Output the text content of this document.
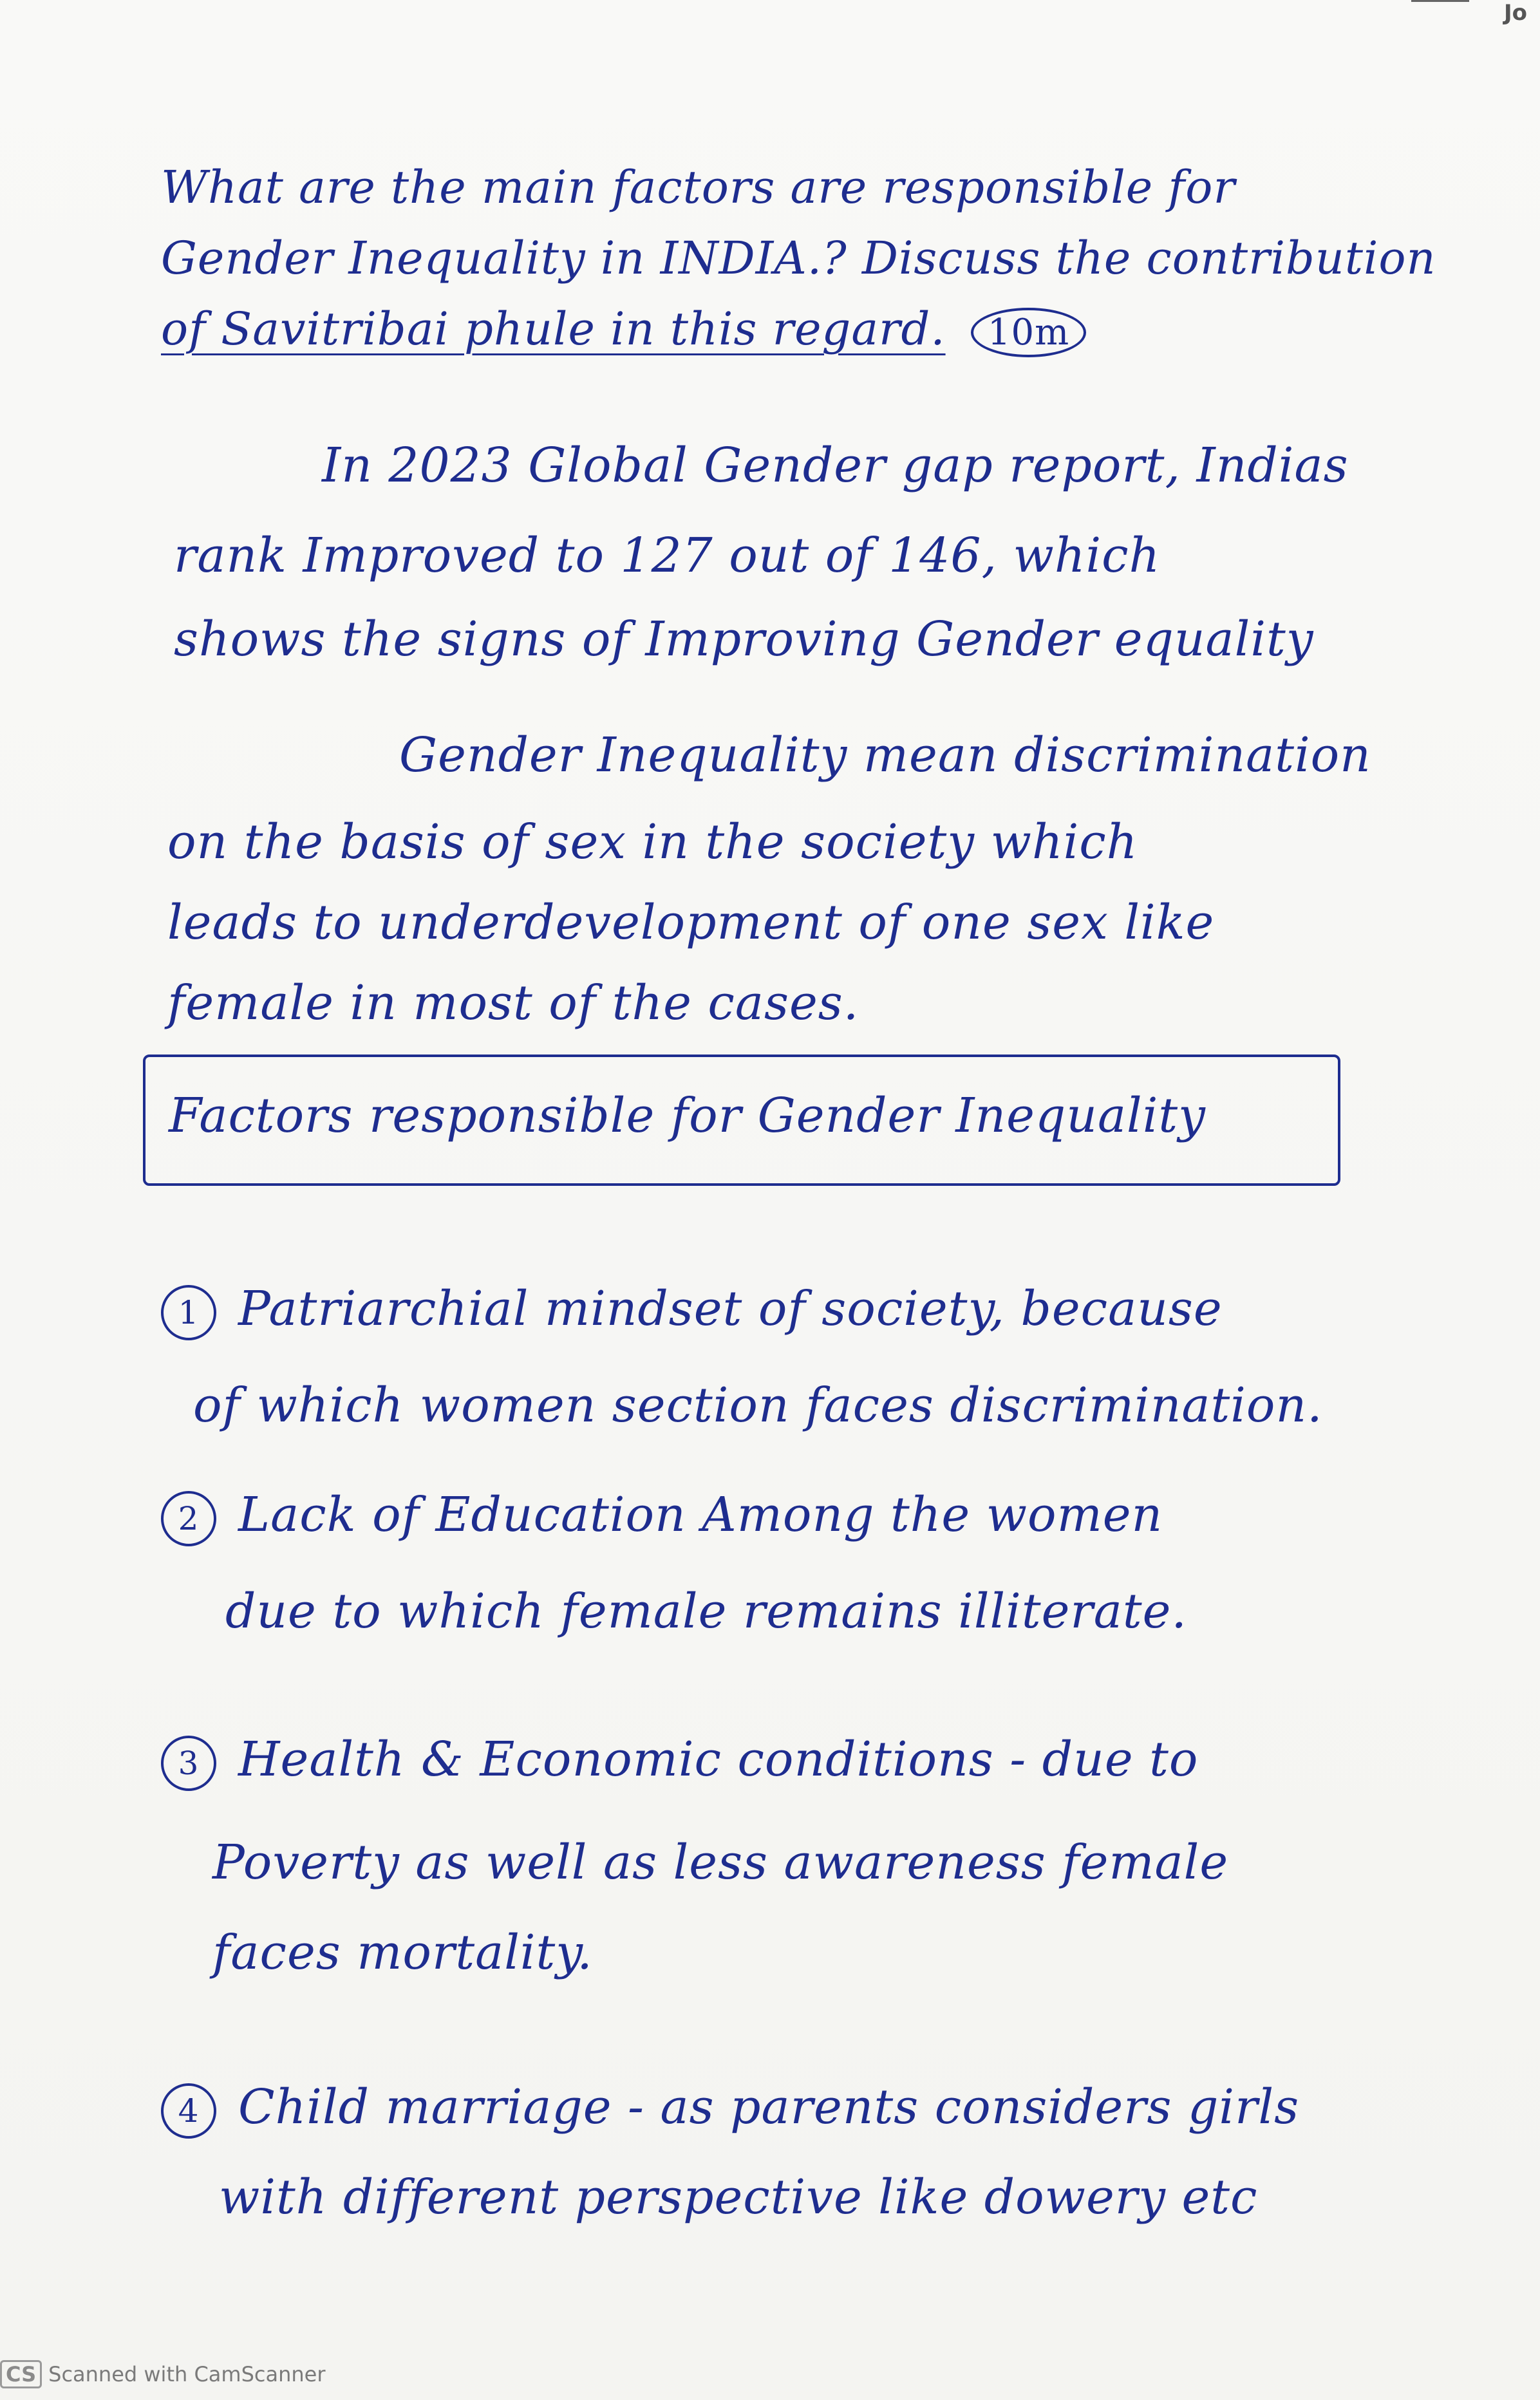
Jo
What are the main factors are responsible for
Gender Inequality in INDIA.? Discuss the contribution
of Savitribai phule in this regard. 10m
In 2023 Global Gender gap report, Indias
rank Improved to 127 out of 146, which
shows the signs of Improving Gender equality
Gender Inequality mean discrimination
on the basis of sex in the society which
leads to underdevelopment of one sex like
female in most of the cases.
Factors responsible for Gender Inequality
1 Patriarchial mindset of society, because
of which women section faces discrimination.
2 Lack of Education Among the women
due to which female remains illiterate.
3 Health & Economic conditions - due to
Poverty as well as less awareness female
faces mortality.
4 Child marriage - as parents considers girls
with different perspective like dowery etc
CS Scanned with CamScanner
